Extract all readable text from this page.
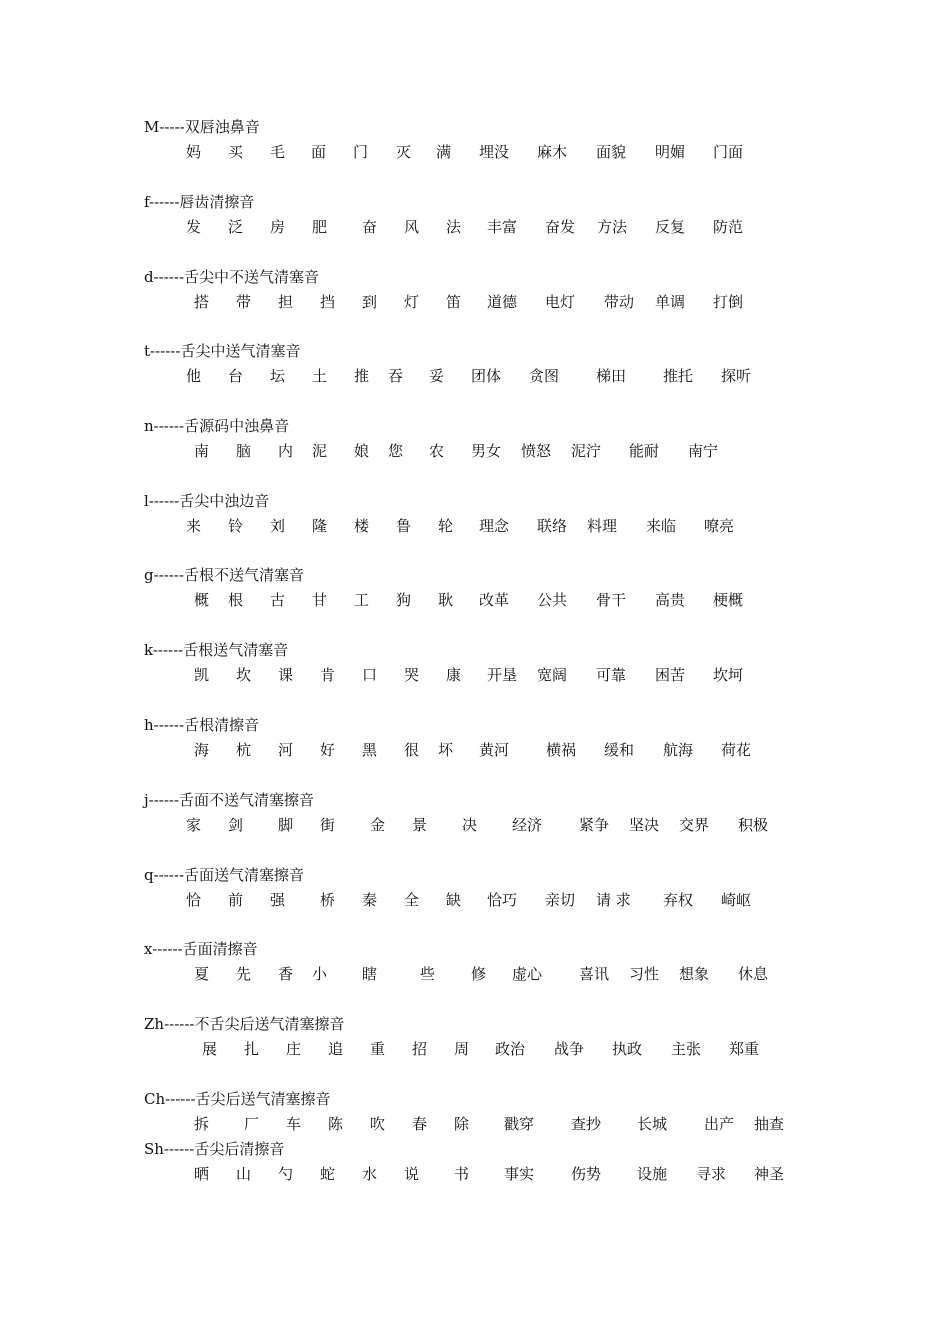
M-----双唇浊鼻音
妈 买 毛 面 门 灭 满 埋没 麻木 面貌 明媚 门面
f------唇齿清擦音
发 泛 房 肥 奋 风 法 丰富 奋发 方法 反复 防范
d------舌尖中不送气清塞音
搭 带 担 挡 到 灯 笛 道德 电灯 带动 单调 打倒
t------舌尖中送气清塞音
他 台 坛 土 推 吞 妥 团体 贪图 梯田 推托 探听
n------舌源码中浊鼻音
南 脑 内 泥 娘 您 农 男女 愤怒 泥泞 能耐 南宁
l------舌尖中浊边音
来 铃 刘 隆 楼 鲁 轮 理念 联络 料理 来临 嘹亮
g------舌根不送气清塞音
概 根 古 甘 工 狗 耿 改革 公共 骨干 高贵 梗概
k------舌根送气清塞音
凯 坎 课 肯 口 哭 康 开垦 宽阔 可靠 困苦 坎坷
h------舌根清擦音
海 杭 河 好 黑 很 坏 黄河 横祸 缓和 航海 荷花
j------舌面不送气清塞擦音
家 剑 脚 街 金 景 决 经济 紧争 坚决 交界 积极
q------舌面送气清塞擦音
恰 前 强 桥 秦 全 缺 恰巧 亲切 请 求 弃权 崎岖
x------舌面清擦音
夏 先 香 小 瞎	些 修 虚心 喜讯 习性 想象 休息
Zh------不舌尖后送气清塞擦音
展 扎 庄 追 重 招 周 政治 战争 执政 主张 郑重
Ch------舌尖后送气清塞擦音
拆 厂 车 陈 吹 春 除 戳穿 查抄 长城 出产 抽查
Sh------舌尖后清擦音
晒 山 勺 蛇 水 说 书 事实 伤势 设施 寻求 神圣
